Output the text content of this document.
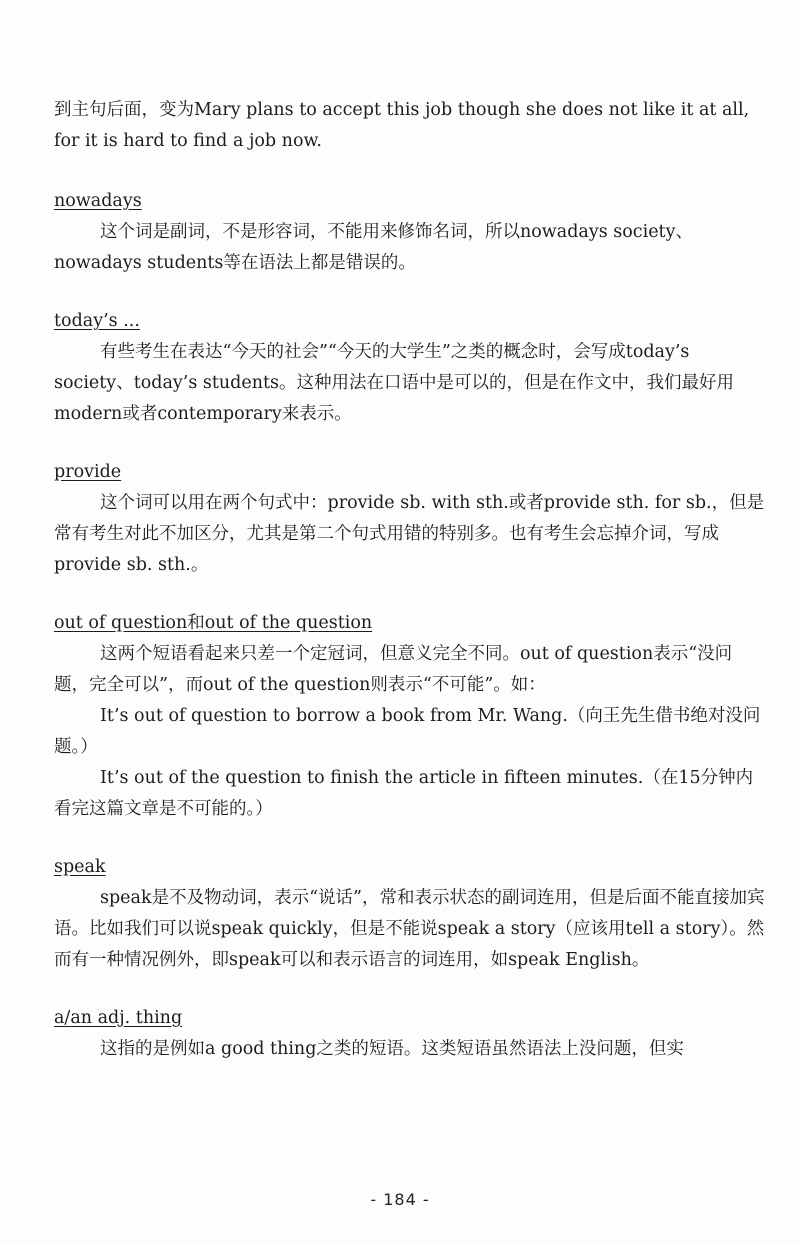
到主句后面，变为Mary plans to accept this job though she does not like it at all, for it is hard to find a job now.

nowadays

这个词是副词，不是形容词，不能用来修饰名词，所以nowadays society、nowadays students等在语法上都是错误的。

today’s ...

有些考生在表达“今天的社会”“今天的大学生”之类的概念时，会写成today’s society、today’s students。这种用法在口语中是可以的，但是在作文中，我们最好用modern或者contemporary来表示。

provide

这个词可以用在两个句式中：provide sb. with sth.或者provide sth. for sb.，但是常有考生对此不加区分，尤其是第二个句式用错的特别多。也有考生会忘掉介词，写成provide sb. sth.。

out of question和out of the question

这两个短语看起来只差一个定冠词，但意义完全不同。out of question表示“没问题，完全可以”，而out of the question则表示“不可能”。如：

It’s out of question to borrow a book from Mr. Wang.（向王先生借书绝对没问题。）

It’s out of the question to finish the article in fifteen minutes.（在15分钟内看完这篇文章是不可能的。）

speak

speak是不及物动词，表示“说话”，常和表示状态的副词连用，但是后面不能直接加宾语。比如我们可以说speak quickly，但是不能说speak a story（应该用tell a story）。然而有一种情况例外，即speak可以和表示语言的词连用，如speak English。

a/an adj. thing

这指的是例如a good thing之类的短语。这类短语虽然语法上没问题，但实

- 184 -
